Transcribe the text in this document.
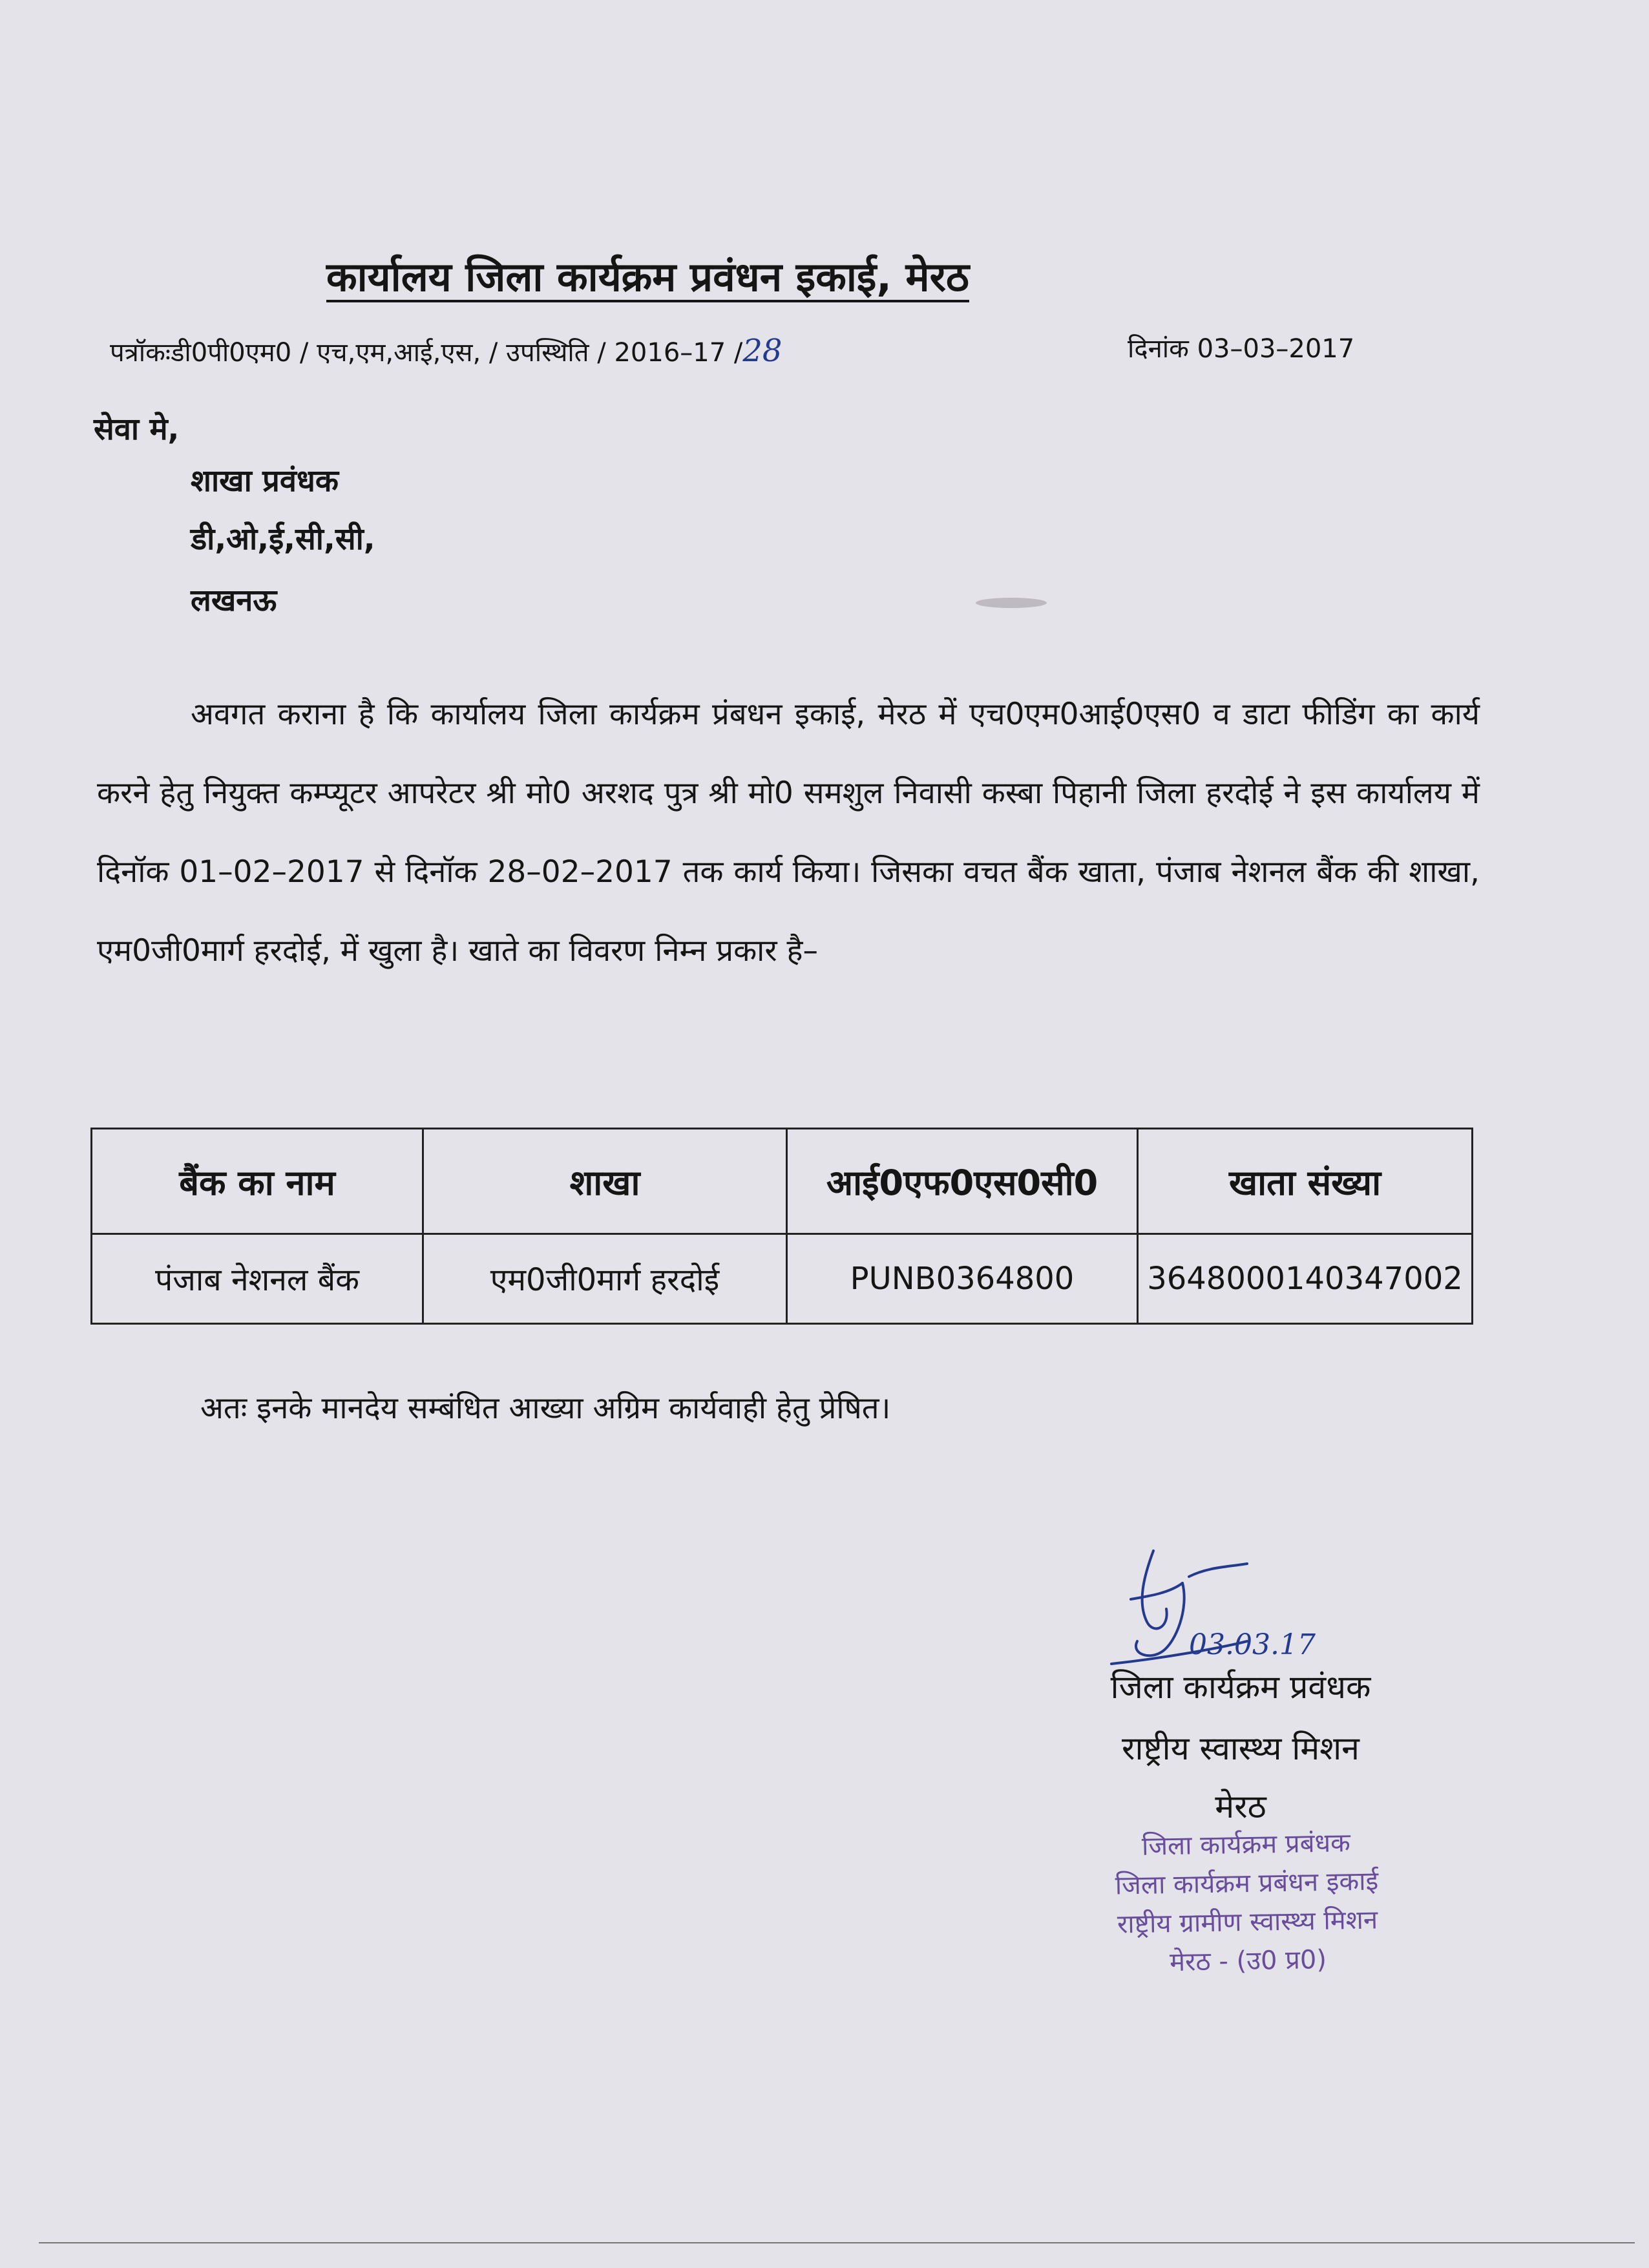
कार्यालय जिला कार्यक्रम प्रवंधन इकाई, मेरठ
पत्रॉकःडी0पी0एम0 / एच,एम,आई,एस, / उपस्थिति / 2016–17 /28	दिनांक 03–03–2017
सेवा मे,
शाखा प्रवंधक
डी,ओ,ई,सी,सी,
लखनऊ
अवगत कराना है कि कार्यालय जिला कार्यक्रम प्रंबधन इकाई, मेरठ में एच0एम0आई0एस0 व डाटा फीडिंग का कार्य करने हेतु नियुक्त कम्प्यूटर आपरेटर श्री मो0 अरशद पुत्र श्री मो0 समशुल निवासी कस्बा पिहानी जिला हरदोई ने इस कार्यालय में दिनॉक 01–02–2017 से दिनॉक 28–02–2017 तक कार्य किया। जिसका वचत बैंक खाता, पंजाब नेशनल बैंक की शाखा, एम0जी0मार्ग हरदोई, में खुला है। खाते का विवरण निम्न प्रकार है–
बैंक का नाम	शाखा	आई0एफ0एस0सी0	खाता संख्या
पंजाब नेशनल बैंक	एम0जी0मार्ग हरदोई	PUNB0364800	3648000140347002
अतः इनके मानदेय सम्बंधित आख्या अग्रिम कार्यवाही हेतु प्रेषित।
03.03.17
जिला कार्यक्रम प्रवंधक
राष्ट्रीय स्वास्थ्य मिशन
मेरठ
जिला कार्यक्रम प्रबंधक
जिला कार्यक्रम प्रबंधन इकाई
राष्ट्रीय ग्रामीण स्वास्थ्य मिशन
मेरठ - (उ0 प्र0)
